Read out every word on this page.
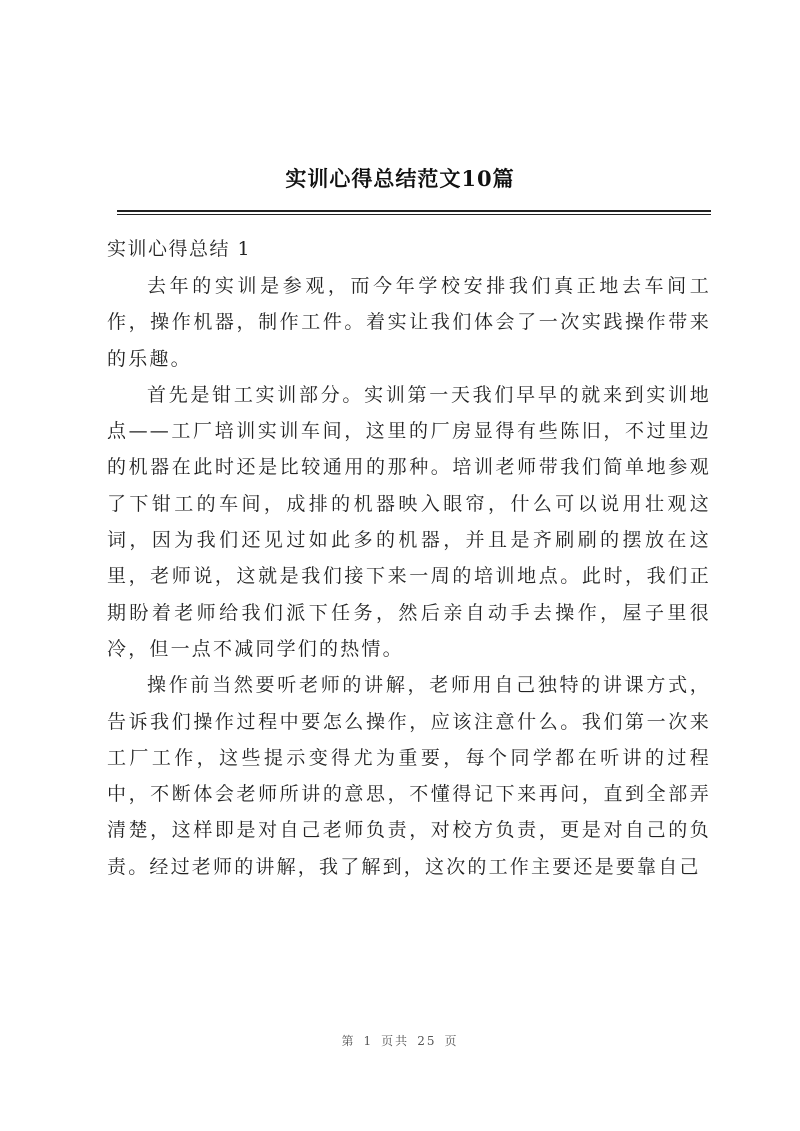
实训心得总结范文10篇
实训心得总结 1

去年的实训是参观，而今年学校安排我们真正地去车间工作，操作机器，制作工件。着实让我们体会了一次实践操作带来的乐趣。

首先是钳工实训部分。实训第一天我们早早的就来到实训地点——工厂培训实训车间，这里的厂房显得有些陈旧，不过里边的机器在此时还是比较通用的那种。培训老师带我们简单地参观了下钳工的车间，成排的机器映入眼帘，什么可以说用壮观这词，因为我们还见过如此多的机器，并且是齐刷刷的摆放在这里，老师说，这就是我们接下来一周的培训地点。此时，我们正期盼着老师给我们派下任务，然后亲自动手去操作，屋子里很冷，但一点不减同学们的热情。

操作前当然要听老师的讲解，老师用自己独特的讲课方式，告诉我们操作过程中要怎么操作，应该注意什么。我们第一次来工厂工作，这些提示变得尤为重要，每个同学都在听讲的过程中，不断体会老师所讲的意思，不懂得记下来再问，直到全部弄清楚，这样即是对自己老师负责，对校方负责，更是对自己的负责。经过老师的讲解，我了解到，这次的工作主要还是要靠自己

第 1 页共 25 页
